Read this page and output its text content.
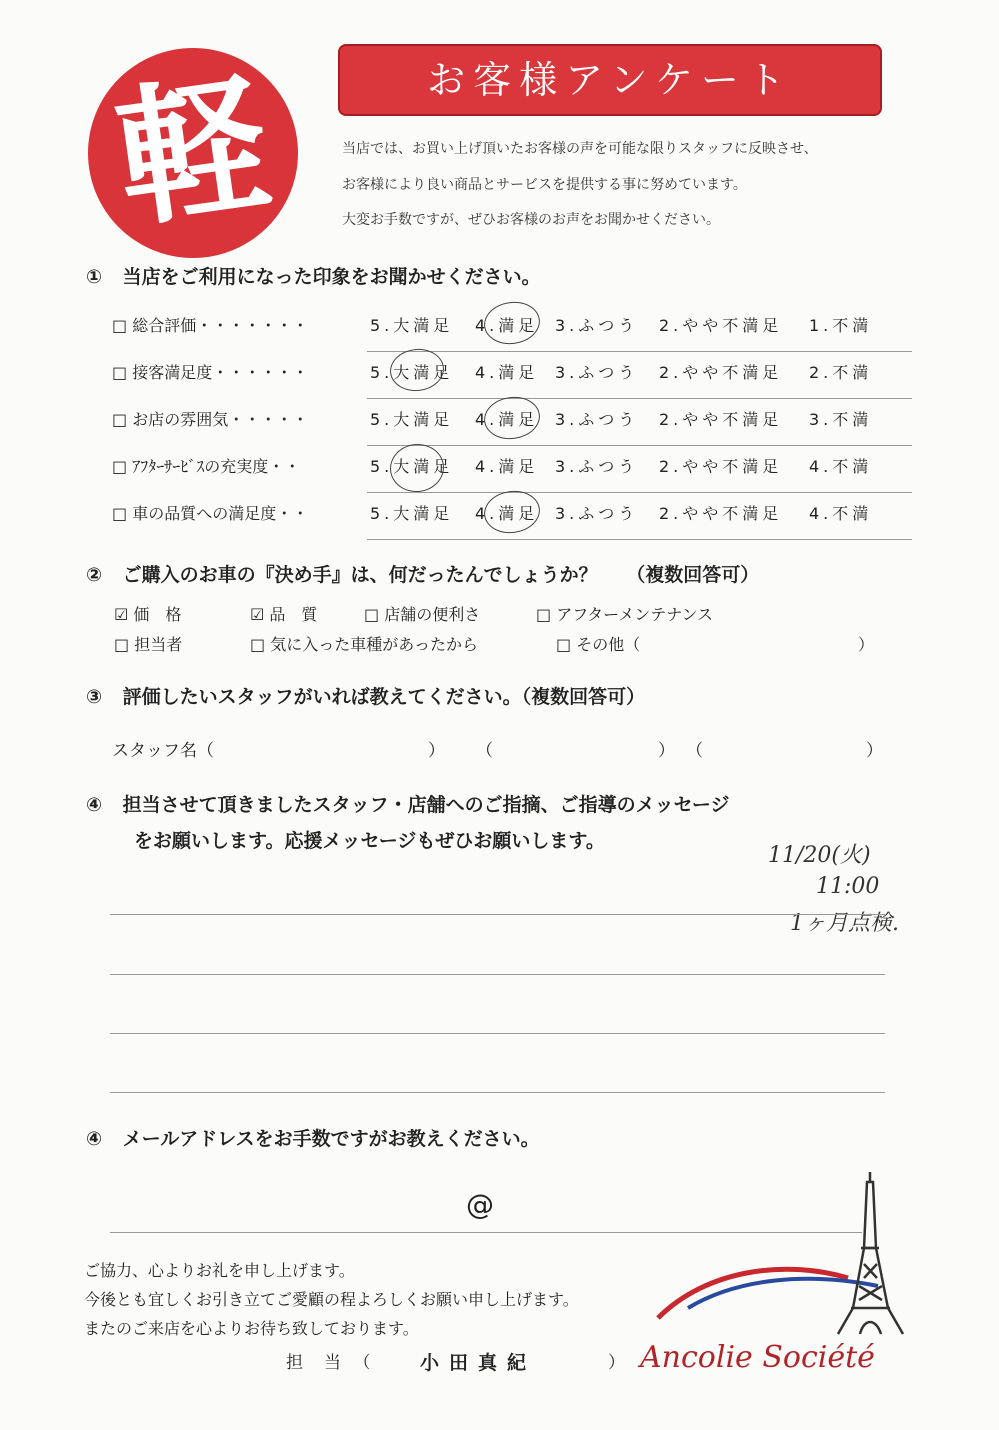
軽	お客様アンケート
当店では、お買い上げ頂いたお客様の声を可能な限りスタッフに反映させ、
お客様により良い商品とサービスを提供する事に努めています。
大変お手数ですが、ぜひお客様のお声をお聞かせください。
① 当店をご利用になった印象をお聞かせください。
□ 総合評価・・・・・・・	5.大満足 4.満足 3.ふつう 2.やや不満足 1.不満
□ 接客満足度・・・・・・	5.大満足 4.満足 3.ふつう 2.やや不満足 2.不満
□ お店の雰囲気・・・・・	5.大満足 4.満足 3.ふつう 2.やや不満足 3.不満
□ ｱﾌﾀｰｻｰﾋﾞｽの充実度・・	5.大満足 4.満足 3.ふつう 2.やや不満足 4.不満
□ 車の品質への満足度・・	5.大満足 4.満足 3.ふつう 2.やや不満足 4.不満
② ご購入のお車の『決め手』は、何だったんでしょうか？ （複数回答可）
☑ 価　格	☑ 品　質	□ 店舗の便利さ	□ アフターメンテナンス
□ 担当者	□ 気に入った車種があったから	□ その他（	）
③ 評価したいスタッフがいれば教えてください。（複数回答可）
スタッフ名（	） （	） （	）
④ 担当させて頂きましたスタッフ・店舗へのご指摘、ご指導のメッセージ
をお願いします。応援メッセージもぜひお願いします。
11/20(火)
11:00
1ヶ月点検.
④ メールアドレスをお手数ですがお教えください。
@
ご協力、心よりお礼を申し上げます。
今後とも宜しくお引き立てご愛顧の程よろしくお願い申し上げます。
またのご来店を心よりお待ち致しております。
担　当　（	小田真紀	） Ancolie Société
